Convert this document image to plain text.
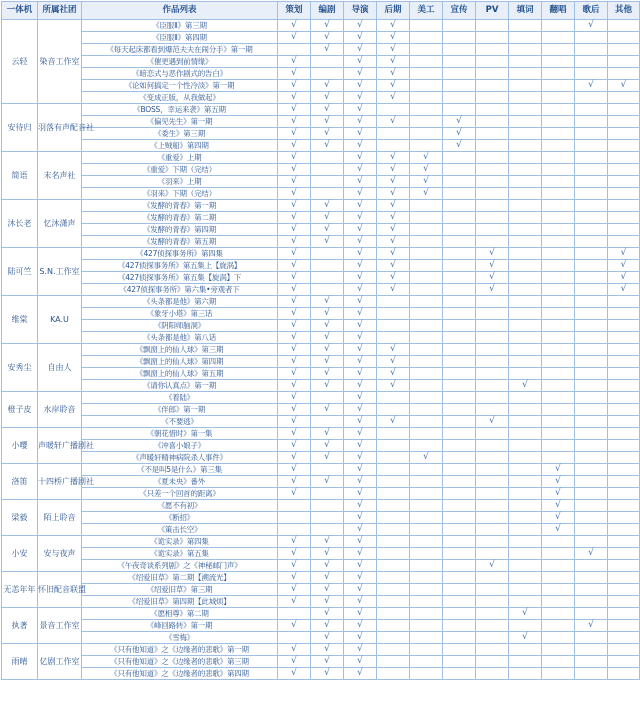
一体机	所属社团	作品列表	策划	编剧	导演	后期	美工	宣传	PV	填词	翻唱	歌后	其他
云轻	染音工作室	《臣服Ⅱ》第三期	√	√	√	√						√	
		《臣服Ⅱ》第四期	√	√	√	√							
		《每天起床都看到爆范夫夫在闹分手》第一期		√	√	√							
		《催更遇到前情缘》	√		√	√							
		《暗恋式与恶作剧式的告白》	√		√	√							
		《论如何搞定一个性冷淡》第一期	√	√	√	√						√	√
		《变成正版，从我做起》	√	√	√	√							
安待归	羽落有声配音社	《BOSS，幸运来袭》第五期	√	√	√								
		《偏见先生》第一期	√	√	√	√		√					
		《委生》第三期	√	√	√			√					
		《上贼船》第四期	√	√	√			√					
简语	末名声社	《重爱》上期	√		√	√	√						
		《重爱》下期（完结）	√		√	√	√						
		《羽来》上期	√		√	√	√						
		《羽来》下期（完结）	√		√	√	√						
沐长老	忆沐潇声	《发酵的青春》第一期	√	√	√	√							
		《发酵的青春》第二期	√	√	√	√							
		《发酵的青春》第四期	√	√	√	√							
		《发酵的青春》第五期	√	√	√	√							
陆可竺	S.N.工作室	《427侦探事务所》第四集	√		√	√			√				√
		《427侦探事务所》第五集上【旋涡】	√		√	√			√				√
		《427侦探事务所》第五集【旋涡】下	√		√	√			√				√
		《427侦探事务所》第六集•旁观者下	√		√	√			√				√
维棠	KA.U	《头条都是他》第六期	√	√	√								
		《象牙小塔》第三话	√	√	√								
		《阴阳师脑洞》	√	√	√								
		《头条都是他》第八话	√	√	√								
安秀尘	自由人	《飘窗上的仙人球》第三期	√	√	√	√							
		《飘窗上的仙人球》第四期	√	√	√	√							
		《飘窗上的仙人球》第五期	√	√	√	√							
		《请你认真点》第一期	√	√	√	√				√			
橙子皮	水岸聆音	《着陆》	√		√								
		《伴郎》第一期	√	√	√								
		《不要逃》	√		√	√			√				
小嘤	声暖轩广播剧社	《朝花惜时》第一集	√	√	√								
		《冲喜小娘子》	√	√	√								
		《声暖轩精神病院杀人事件》	√	√	√		√						
洛笛	十四桥广播剧社	《不是叫5是什么》第三集	√		√						√		
		《夏未央》番外	√	√	√						√		
		《只差一个回首的距离》	√		√						√		
梁毅	陌上聆音	《愿不有初》			√						√		
		《断招》			√						√		
		《策击长空》			√						√		
小安	安与夜声	《诡实录》第四集	√	√	√								
		《诡实录》第五集	√	√	√							√	
		《午夜奇谈系列剧》之《神秘邮门声》	√	√	√				√				
无恙年年	怀旧配音联盟	《绍爱旧草》第二期【溯流光】	√	√	√								
		《绍爱旧草》第三期	√	√	√								
		《绍爱旧草》第四期【此城烦】	√	√	√								
执著	景音工作室	《愿相尊》第二期		√	√					√			
		《峰回路转》第一期	√	√	√							√	
		《雪梅》		√	√					√			
雨晴	亿剧工作室	《只有他知道》之《边缘者的悲歌》第一期	√	√	√								
		《只有他知道》之《边缘者的悲歌》第三期	√	√	√								
		《只有他知道》之《边缘者的悲歌》第四期	√	√	√								
